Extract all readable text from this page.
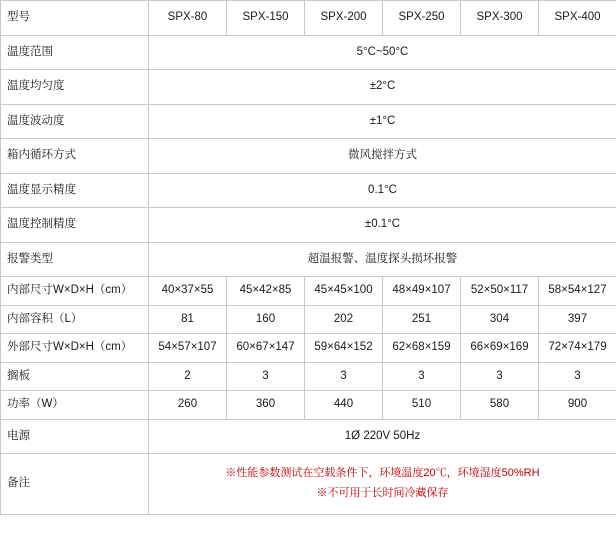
型号	SPX-80	SPX-150	SPX-200	SPX-250	SPX-300	SPX-400
温度范围	5°C~50°C					
温度均匀度	±2°C					
温度波动度	±1°C					
箱内循环方式	微风搅拌方式					
温度显示精度	0.1°C					
温度控制精度	±0.1°C					
报警类型	超温报警、温度探头损坏报警					
内部尺寸W×D×H（cm）	40×37×55	45×42×85	45×45×100	48×49×107	52×50×117	58×54×127
内部容积（L）	81	160	202	251	304	397
外部尺寸W×D×H（cm）	54×57×107	60×67×147	59×64×152	62×68×159	66×69×169	72×74×179
搁板	2	3	3	3	3	3
功率（W）	260	360	440	510	580	900
电源	1Ø 220V 50Hz					
备注	※性能参数测试在空载条件下，环境温度20℃，环境湿度50%RH
※不可用于长时间冷藏保存					
